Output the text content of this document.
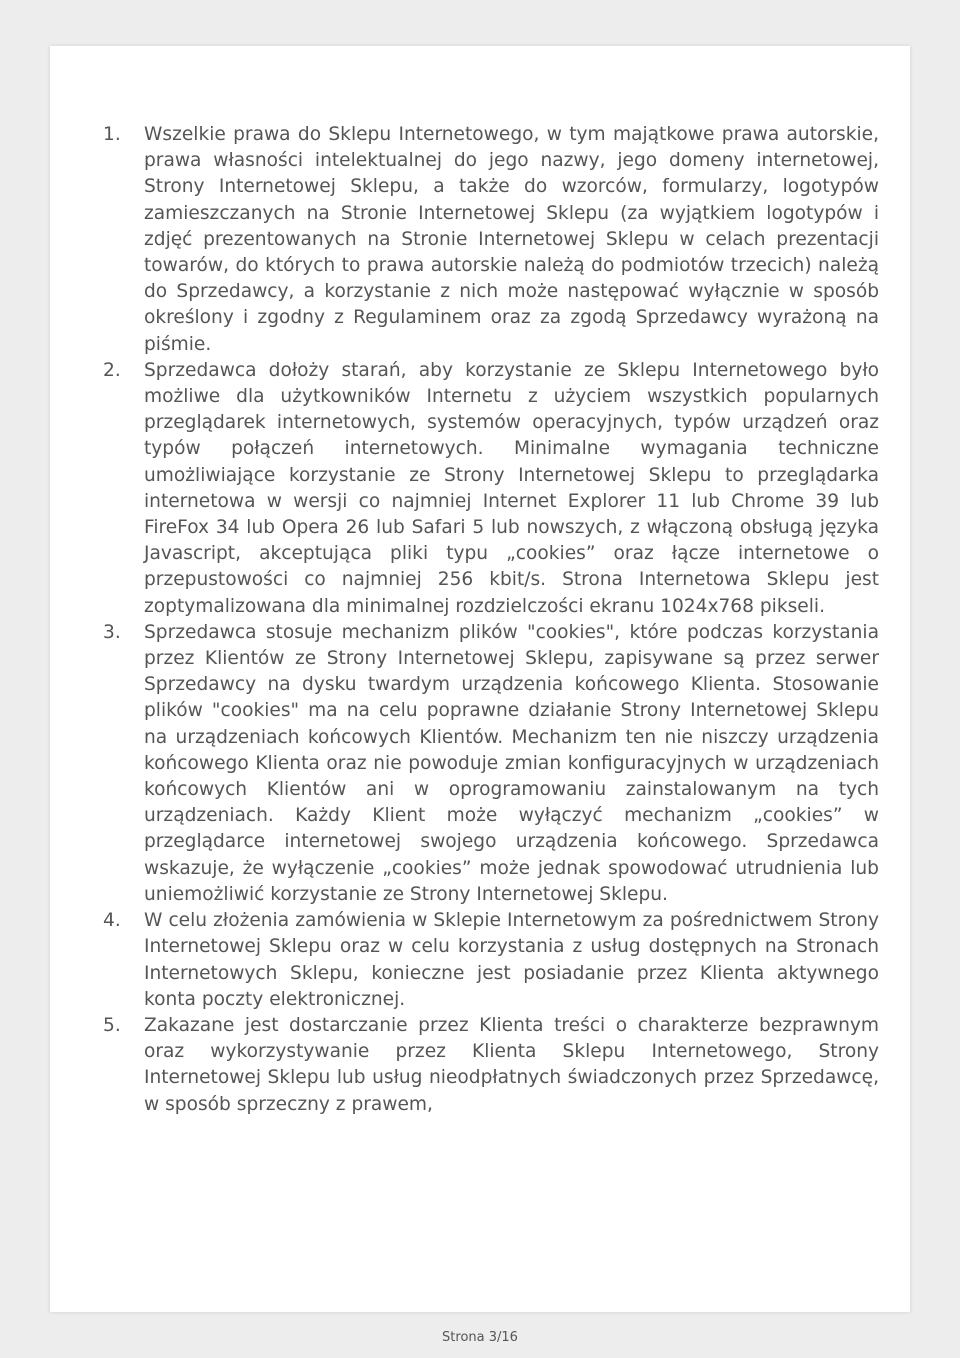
1. Wszelkie prawa do Sklepu Internetowego, w tym majątkowe prawa autorskie, prawa własności intelektualnej do jego nazwy, jego domeny internetowej, Strony Internetowej Sklepu, a także do wzorców, formularzy, logotypów zamieszczanych na Stronie Internetowej Sklepu (za wyjątkiem logotypów i zdjęć prezentowanych na Stronie Internetowej Sklepu w celach prezentacji towarów, do których to prawa autorskie należą do podmiotów trzecich) należą do Sprzedawcy, a korzystanie z nich może następować wyłącznie w sposób określony i zgodny z Regulaminem oraz za zgodą Sprzedawcy wyrażoną na piśmie.
2. Sprzedawca dołoży starań, aby korzystanie ze Sklepu Internetowego było możliwe dla użytkowników Internetu z użyciem wszystkich popularnych przeglądarek internetowych, systemów operacyjnych, typów urządzeń oraz typów połączeń internetowych. Minimalne wymagania techniczne umożliwiające korzystanie ze Strony Internetowej Sklepu to przeglądarka internetowa w wersji co najmniej Internet Explorer 11 lub Chrome 39 lub FireFox 34 lub Opera 26 lub Safari 5 lub nowszych, z włączoną obsługą języka Javascript, akceptująca pliki typu „cookies” oraz łącze internetowe o przepustowości co najmniej 256 kbit/s. Strona Internetowa Sklepu jest zoptymalizowana dla minimalnej rozdzielczości ekranu 1024x768 pikseli.
3. Sprzedawca stosuje mechanizm plików "cookies", które podczas korzystania przez Klientów ze Strony Internetowej Sklepu, zapisywane są przez serwer Sprzedawcy na dysku twardym urządzenia końcowego Klienta. Stosowanie plików "cookies" ma na celu poprawne działanie Strony Internetowej Sklepu na urządzeniach końcowych Klientów. Mechanizm ten nie niszczy urządzenia końcowego Klienta oraz nie powoduje zmian konfiguracyjnych w urządzeniach końcowych Klientów ani w oprogramowaniu zainstalowanym na tych urządzeniach. Każdy Klient może wyłączyć mechanizm „cookies” w przeglądarce internetowej swojego urządzenia końcowego. Sprzedawca wskazuje, że wyłączenie „cookies” może jednak spowodować utrudnienia lub uniemożliwić korzystanie ze Strony Internetowej Sklepu.
4. W celu złożenia zamówienia w Sklepie Internetowym za pośrednictwem Strony Internetowej Sklepu oraz w celu korzystania z usług dostępnych na Stronach Internetowych Sklepu, konieczne jest posiadanie przez Klienta aktywnego konta poczty elektronicznej.
5. Zakazane jest dostarczanie przez Klienta treści o charakterze bezprawnym oraz wykorzystywanie przez Klienta Sklepu Internetowego, Strony Internetowej Sklepu lub usług nieodpłatnych świadczonych przez Sprzedawcę, w sposób sprzeczny z prawem,
Strona 3/16
